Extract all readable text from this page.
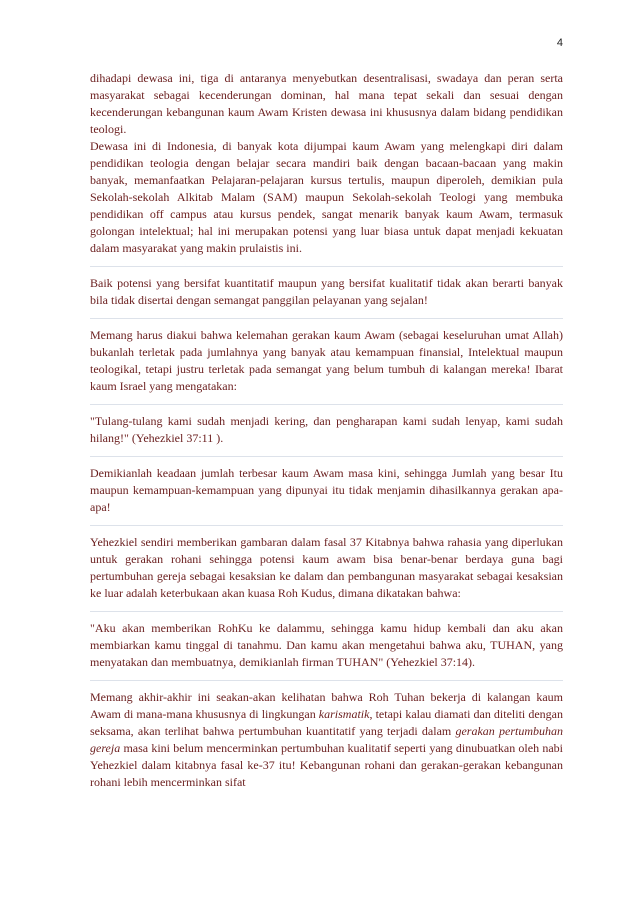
4

dihadapi dewasa ini, tiga di antaranya menyebutkan desentralisasi, swadaya dan peran serta masyarakat sebagai kecenderungan dominan, hal mana tepat sekali dan sesuai dengan kecenderungan kebangunan kaum Awam Kristen dewasa ini khususnya dalam bidang pendidikan teologi.

Dewasa ini di Indonesia, di banyak kota dijumpai kaum Awam yang melengkapi diri dalam pendidikan teologia dengan belajar secara mandiri baik dengan bacaan-bacaan yang makin banyak, memanfaatkan Pelajaran-pelajaran kursus tertulis, maupun diperoleh, demikian pula Sekolah-sekolah Alkitab Malam (SAM) maupun Sekolah-sekolah Teologi yang membuka pendidikan off campus atau kursus pendek, sangat menarik banyak kaum Awam, termasuk golongan intelektual; hal ini merupakan potensi yang luar biasa untuk dapat menjadi kekuatan dalam masyarakat yang makin prulaistis ini.

Baik potensi yang bersifat kuantitatif maupun yang bersifat kualitatif tidak akan berarti banyak bila tidak disertai dengan semangat panggilan pelayanan yang sejalan!

Memang harus diakui bahwa kelemahan gerakan kaum Awam (sebagai keseluruhan umat Allah) bukanlah terletak pada jumlahnya yang banyak atau kemampuan finansial, Intelektual maupun teologikal, tetapi justru terletak pada semangat yang belum tumbuh di kalangan mereka! Ibarat kaum Israel yang mengatakan:

"Tulang-tulang kami sudah menjadi kering, dan pengharapan kami sudah lenyap, kami sudah hilang!" (Yehezkiel 37:11 ).

Demikianlah keadaan jumlah terbesar kaum Awam masa kini, sehingga Jumlah yang besar Itu maupun kemampuan-kemampuan yang dipunyai itu tidak menjamin dihasilkannya gerakan apa-apa!

Yehezkiel sendiri memberikan gambaran dalam fasal 37 Kitabnya bahwa rahasia yang diperlukan untuk gerakan rohani sehingga potensi kaum awam bisa benar-benar berdaya guna bagi pertumbuhan gereja sebagai kesaksian ke dalam dan pembangunan masyarakat sebagai kesaksian ke luar adalah keterbukaan akan kuasa Roh Kudus, dimana dikatakan bahwa:

"Aku akan memberikan RohKu ke dalammu, sehingga kamu hidup kembali dan aku akan membiarkan kamu tinggal di tanahmu. Dan kamu akan mengetahui bahwa aku, TUHAN, yang menyatakan dan membuatnya, demikianlah firman TUHAN" (Yehezkiel 37:14).

Memang akhir-akhir ini seakan-akan kelihatan bahwa Roh Tuhan bekerja di kalangan kaum Awam di mana-mana khususnya di lingkungan karismatik, tetapi kalau diamati dan diteliti dengan seksama, akan terlihat bahwa pertumbuhan kuantitatif yang terjadi dalam gerakan pertumbuhan gereja masa kini belum mencerminkan pertumbuhan kualitatif seperti yang dinubuatkan oleh nabi Yehezkiel dalam kitabnya fasal ke-37 itu! Kebangunan rohani dan gerakan-gerakan kebangunan rohani lebih mencerminkan sifat
